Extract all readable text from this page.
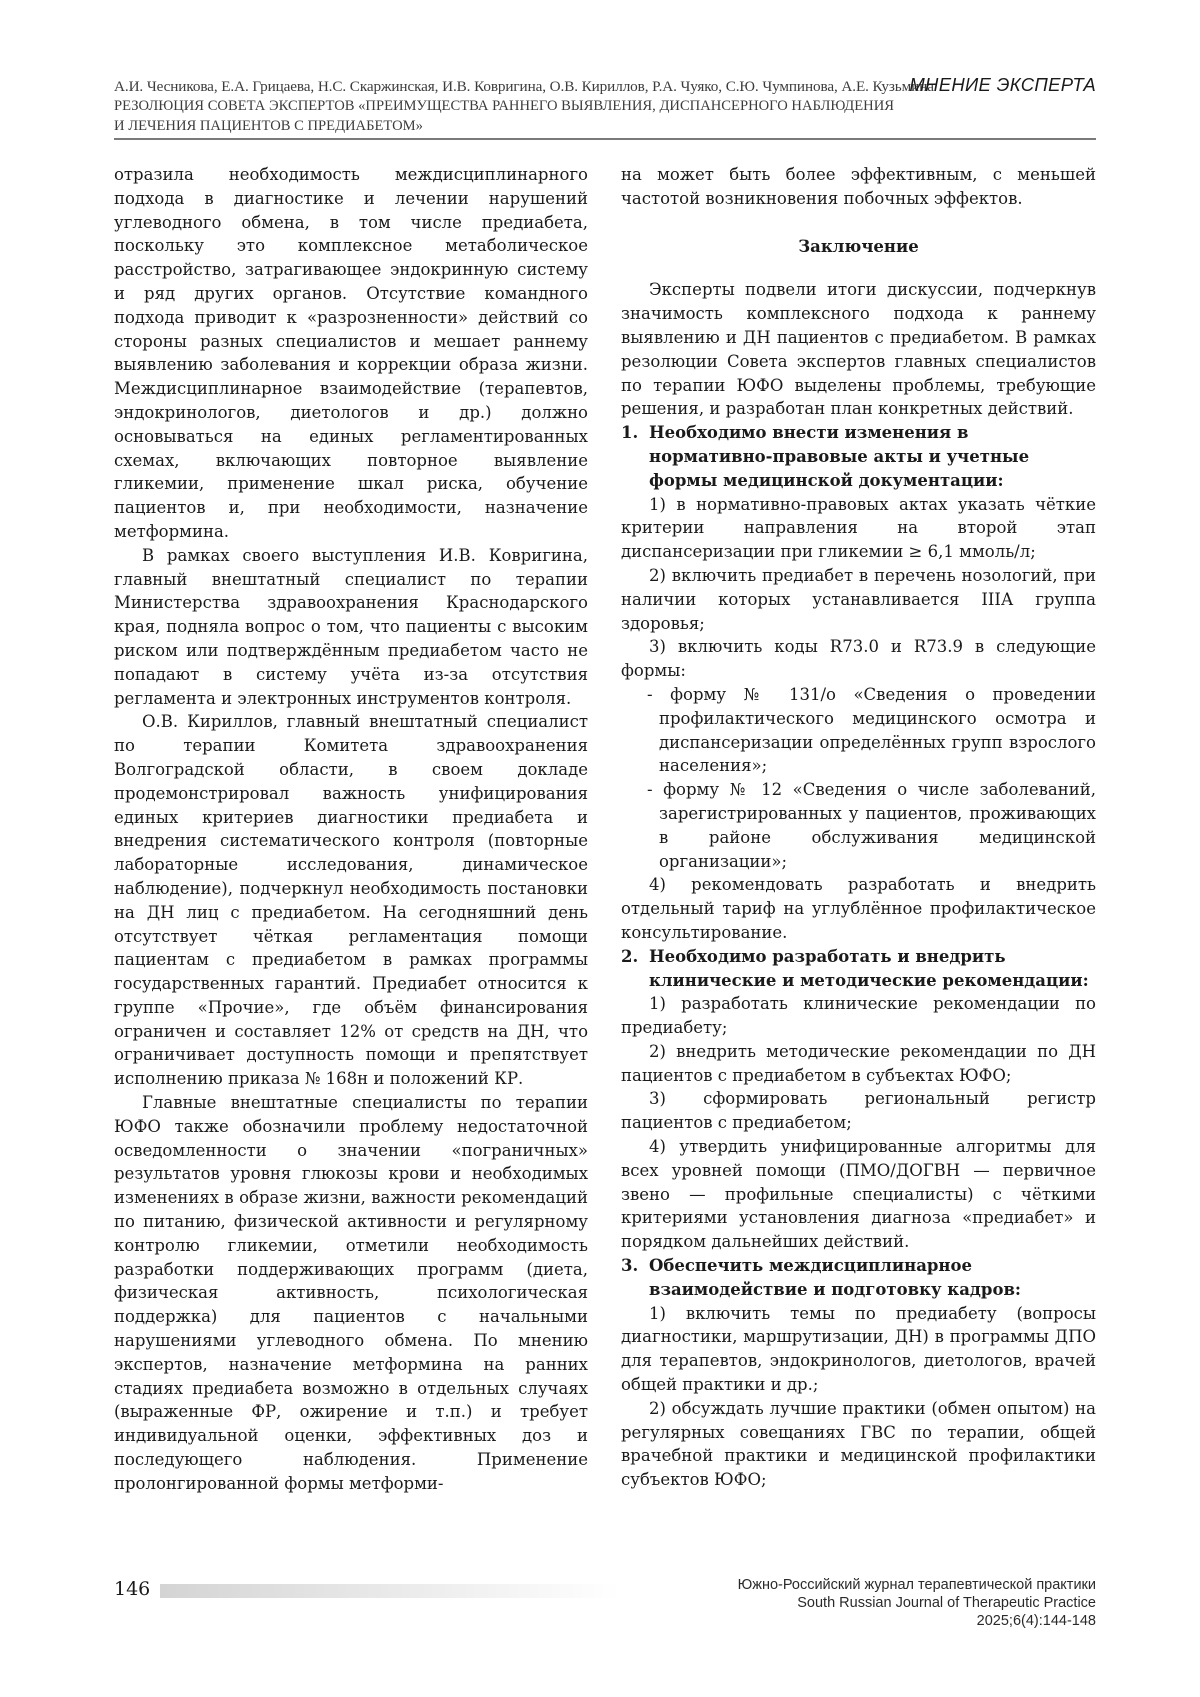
А.И. Чесникова, Е.А. Грицаева, Н.С. Скаржинская, И.В. Ковригина, О.В. Кириллов, Р.А. Чуяко, С.Ю. Чумпинова, А.Е. Кузьмина
МНЕНИЕ ЭКСПЕРТА
РЕЗОЛЮЦИЯ СОВЕТА ЭКСПЕРТОВ «ПРЕИМУЩЕСТВА РАННЕГО ВЫЯВЛЕНИЯ, ДИСПАНСЕРНОГО НАБЛЮДЕНИЯ
И ЛЕЧЕНИЯ ПАЦИЕНТОВ С ПРЕДИАБЕТОМ»

отразила необходимость междисциплинарного подхода в диагностике и лечении нарушений углеводного обмена, в том числе предиабета, поскольку это комплексное метаболическое расстройство, затрагивающее эндокринную систему и ряд других органов. Отсутствие командного подхода приводит к «разрозненности» действий со стороны разных специалистов и мешает раннему выявлению заболевания и коррекции образа жизни. Междисциплинарное взаимодействие (терапевтов, эндокринологов, диетологов и др.) должно основываться на единых регламентированных схемах, включающих повторное выявление гликемии, применение шкал риска, обучение пациентов и, при необходимости, назначение метформина.

В рамках своего выступления И.В. Ковригина, главный внештатный специалист по терапии Министерства здравоохранения Краснодарского края, подняла вопрос о том, что пациенты с высоким риском или подтверждённым предиабетом часто не попадают в систему учёта из-за отсутствия регламента и электронных инструментов контроля.

О.В. Кириллов, главный внештатный специалист по терапии Комитета здравоохранения Волгоградской области, в своем докладе продемонстрировал важность унифицирования единых критериев диагностики предиабета и внедрения систематического контроля (повторные лабораторные исследования, динамическое наблюдение), подчеркнул необходимость постановки на ДН лиц с предиабетом. На сегодняшний день отсутствует чёткая регламентация помощи пациентам с предиабетом в рамках программы государственных гарантий. Предиабет относится к группе «Прочие», где объём финансирования ограничен и составляет 12% от средств на ДН, что ограничивает доступность помощи и препятствует исполнению приказа № 168н и положений КР.

Главные внештатные специалисты по терапии ЮФО также обозначили проблему недостаточной осведомленности о значении «пограничных» результатов уровня глюкозы крови и необходимых изменениях в образе жизни, важности рекомендаций по питанию, физической активности и регулярному контролю гликемии, отметили необходимость разработки поддерживающих программ (диета, физическая активность, психологическая поддержка) для пациентов с начальными нарушениями углеводного обмена. По мнению экспертов, назначение метформина на ранних стадиях предиабета возможно в отдельных случаях (выраженные ФР, ожирение и т.п.) и требует индивидуальной оценки, эффективных доз и последующего наблюдения. Применение пролонгированной формы метформи-

на может быть более эффективным, с меньшей частотой возникновения побочных эффектов.

Заключение

Эксперты подвели итоги дискуссии, подчеркнув значимость комплексного подхода к раннему выявлению и ДН пациентов с предиабетом. В рамках резолюции Совета экспертов главных специалистов по терапии ЮФО выделены проблемы, требующие решения, и разработан план конкретных действий.

1. Необходимо внести изменения в нормативно-правовые акты и учетные формы медицинской документации:

1) в нормативно-правовых актах указать чёткие критерии направления на второй этап диспансеризации при гликемии ≥ 6,1 ммоль/л;

2) включить предиабет в перечень нозологий, при наличии которых устанавливается IIIА группа здоровья;

3) включить коды R73.0 и R73.9 в следующие формы:

- форму № 131/о «Сведения о проведении профилактического медицинского осмотра и диспансеризации определённых групп взрослого населения»;

- форму № 12 «Сведения о числе заболеваний, зарегистрированных у пациентов, проживающих в районе обслуживания медицинской организации»;

4) рекомендовать разработать и внедрить отдельный тариф на углублённое профилактическое консультирование.

2. Необходимо разработать и внедрить клинические и методические рекомендации:

1) разработать клинические рекомендации по предиабету;

2) внедрить методические рекомендации по ДН пациентов с предиабетом в субъектах ЮФО;

3) сформировать региональный регистр пациентов с предиабетом;

4) утвердить унифицированные алгоритмы для всех уровней помощи (ПМО/ДОГВН — первичное звено — профильные специалисты) с чёткими критериями установления диагноза «предиабет» и порядком дальнейших действий.

3. Обеспечить междисциплинарное взаимодействие и подготовку кадров:

1) включить темы по предиабету (вопросы диагностики, маршрутизации, ДН) в программы ДПО для терапевтов, эндокринологов, диетологов, врачей общей практики и др.;

2) обсуждать лучшие практики (обмен опытом) на регулярных совещаниях ГВС по терапии, общей врачебной практики и медицинской профилактики субъектов ЮФО;

146	Южно-Российский журнал терапевтической практики
South Russian Journal of Therapeutic Practice
2025;6(4):144-148
